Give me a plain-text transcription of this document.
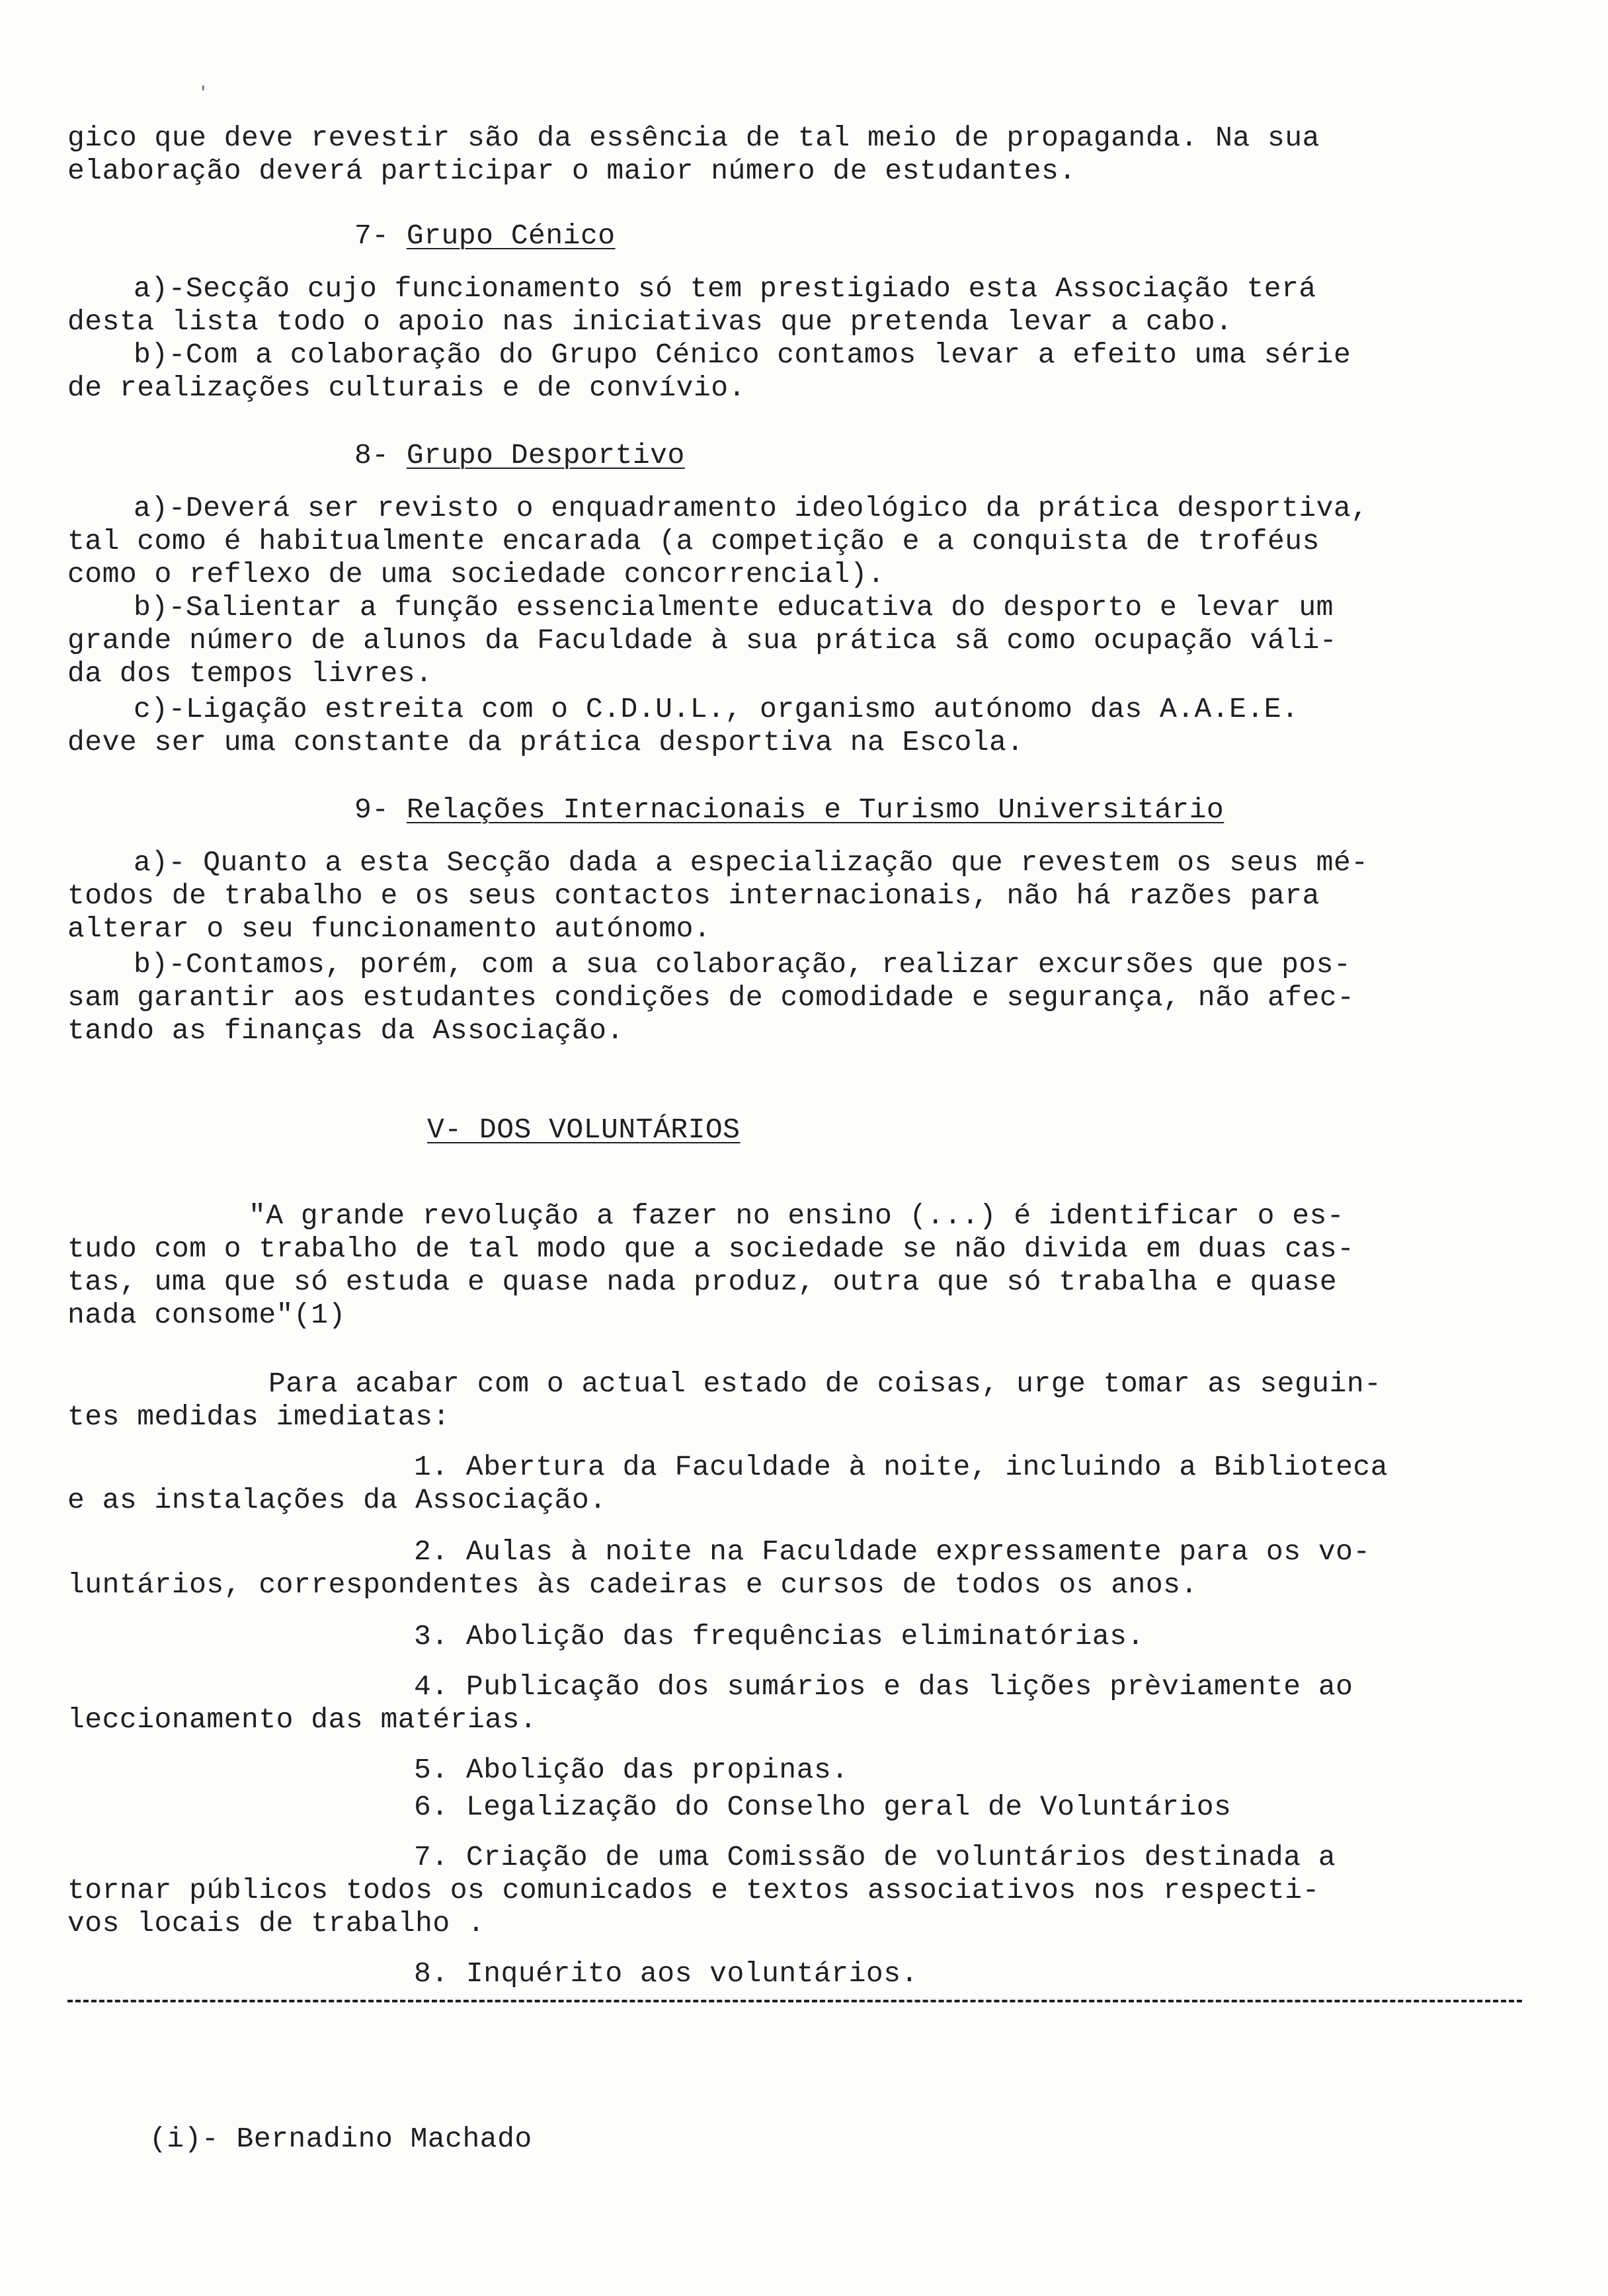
'
gico que deve revestir são da essência de tal meio de propaganda. Na sua
elaboração deverá participar o maior número de estudantes.
7- Grupo Cénico
a)-Secção cujo funcionamento só tem prestigiado esta Associação terá
desta lista todo o apoio nas iniciativas que pretenda levar a cabo.
b)-Com a colaboração do Grupo Cénico contamos levar a efeito uma série
de realizações culturais e de convívio.
8- Grupo Desportivo
a)-Deverá ser revisto o enquadramento ideológico da prática desportiva,
tal como é habitualmente encarada (a competição e a conquista de troféus
como o reflexo de uma sociedade concorrencial).
b)-Salientar a função essencialmente educativa do desporto e levar um
grande número de alunos da Faculdade à sua prática sã como ocupação váli-
da dos tempos livres.
c)-Ligação estreita com o C.D.U.L., organismo autónomo das A.A.E.E.
deve ser uma constante da prática desportiva na Escola.
9- Relações Internacionais e Turismo Universitário
a)- Quanto a esta Secção dada a especialização que revestem os seus mé-
todos de trabalho e os seus contactos internacionais, não há razões para
alterar o seu funcionamento autónomo.
b)-Contamos, porém, com a sua colaboração, realizar excursões que pos-
sam garantir aos estudantes condições de comodidade e segurança, não afec-
tando as finanças da Associação.
V- DOS VOLUNTÁRIOS
"A grande revolução a fazer no ensino (...) é identificar o es-
tudo com o trabalho de tal modo que a sociedade se não divida em duas cas-
tas, uma que só estuda e quase nada produz, outra que só trabalha e quase
nada consome"(1)
Para acabar com o actual estado de coisas, urge tomar as seguin-
tes medidas imediatas:
1. Abertura da Faculdade à noite, incluindo a Biblioteca
e as instalações da Associação.
2. Aulas à noite na Faculdade expressamente para os vo-
luntários, correspondentes às cadeiras e cursos de todos os anos.
3. Abolição das frequências eliminatórias.
4. Publicação dos sumários e das lições prèviamente ao
leccionamento das matérias.
5. Abolição das propinas.
6. Legalização do Conselho geral de Voluntários
7. Criação de uma Comissão de voluntários destinada a
tornar públicos todos os comunicados e textos associativos nos respecti-
vos locais de trabalho .
8. Inquérito aos voluntários.
(i)- Bernadino Machado
